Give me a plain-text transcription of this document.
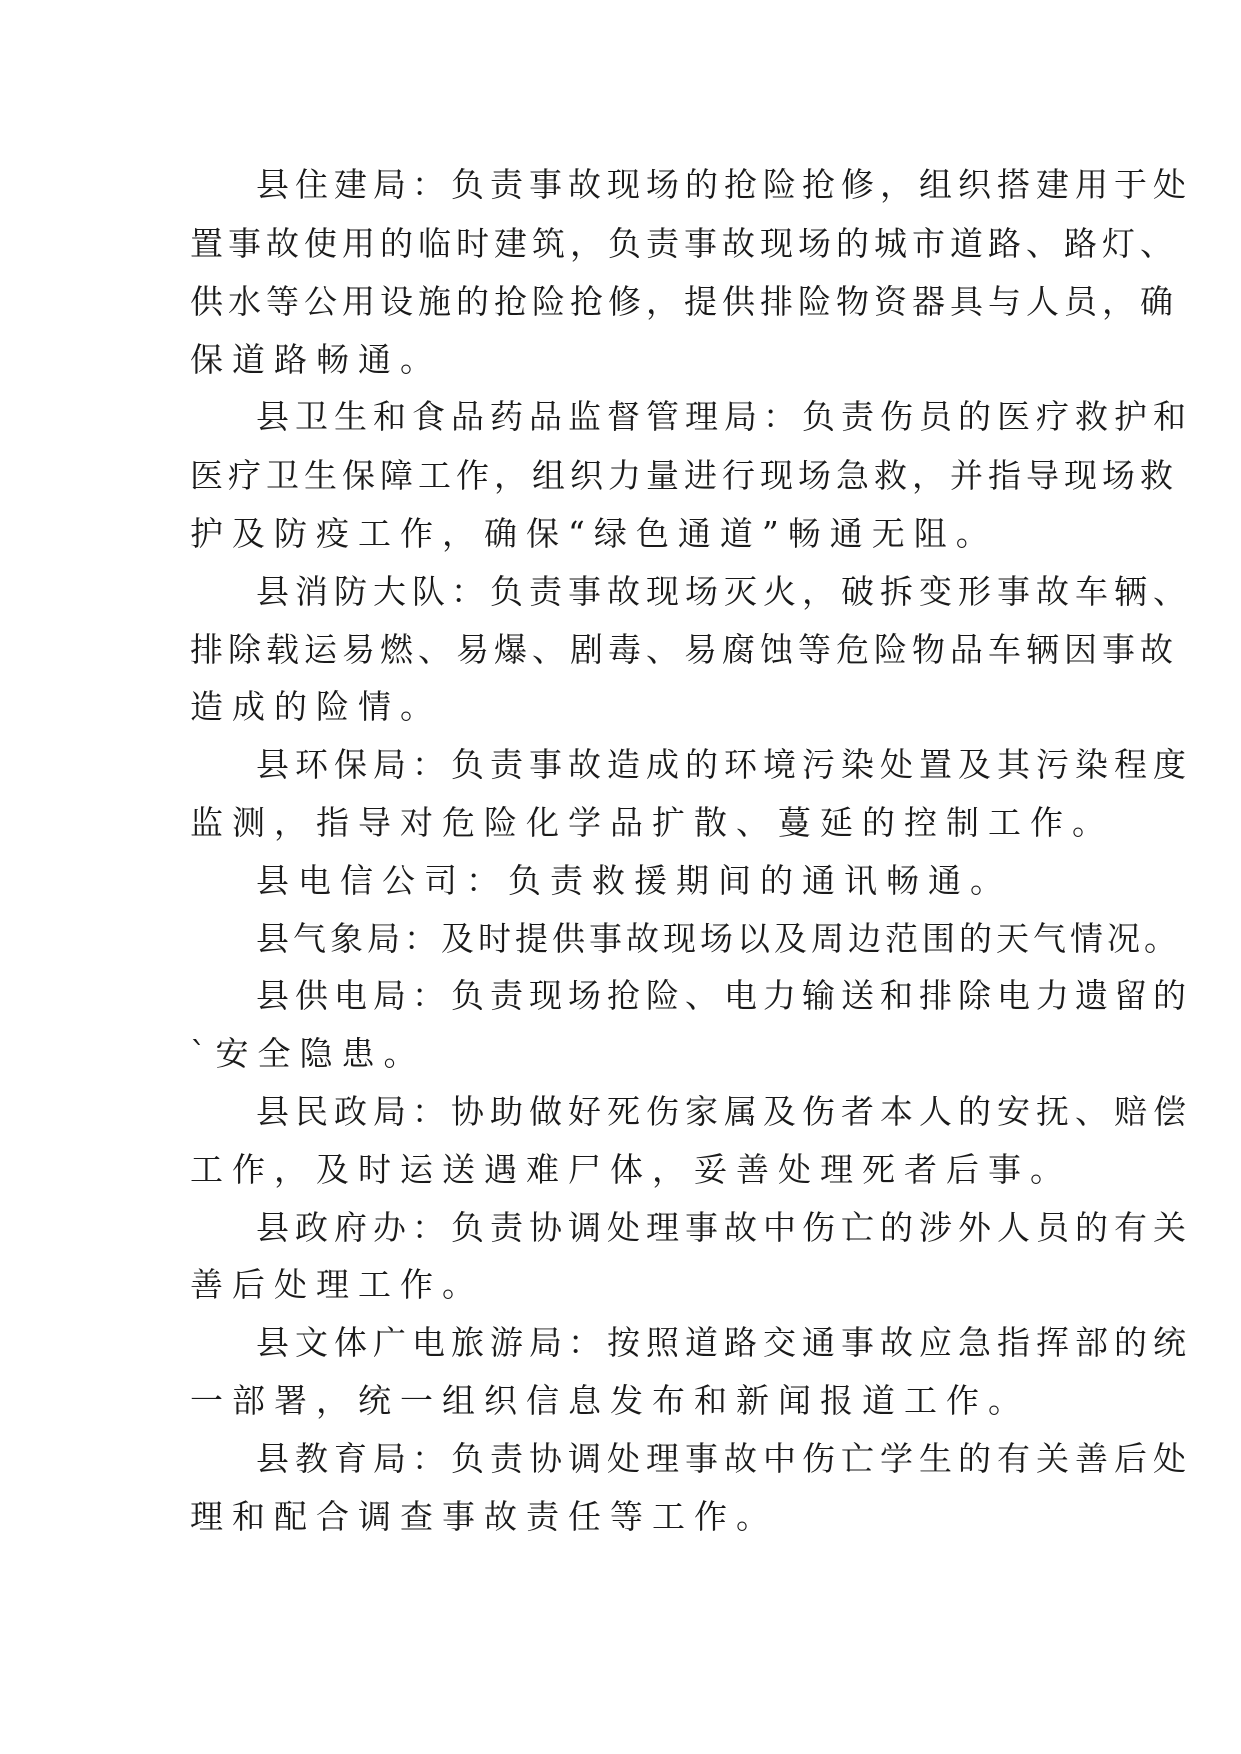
县住建局：负责事故现场的抢险抢修，组织搭建用于处

置事故使用的临时建筑，负责事故现场的城市道路、路灯、

供水等公用设施的抢险抢修，提供排险物资器具与人员，确

保道路畅通。

县卫生和食品药品监督管理局：负责伤员的医疗救护和

医疗卫生保障工作，组织力量进行现场急救，并指导现场救

护及防疫工作，确保“绿色通道”畅通无阻。

县消防大队：负责事故现场灭火，破拆变形事故车辆、

排除载运易燃、易爆、剧毒、易腐蚀等危险物品车辆因事故

造成的险情。

县环保局：负责事故造成的环境污染处置及其污染程度

监测，指导对危险化学品扩散、蔓延的控制工作。

县电信公司：负责救援期间的通讯畅通。

县气象局：及时提供事故现场以及周边范围的天气情况。

县供电局：负责现场抢险、电力输送和排除电力遗留的

`安全隐患。

县民政局：协助做好死伤家属及伤者本人的安抚、赔偿

工作，及时运送遇难尸体，妥善处理死者后事。

县政府办：负责协调处理事故中伤亡的涉外人员的有关

善后处理工作。

县文体广电旅游局：按照道路交通事故应急指挥部的统

一部署，统一组织信息发布和新闻报道工作。

县教育局：负责协调处理事故中伤亡学生的有关善后处

理和配合调查事故责任等工作。
